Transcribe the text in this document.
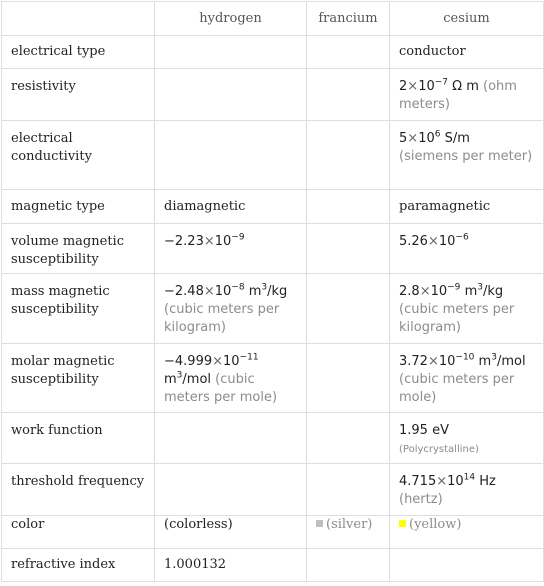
	hydrogen	francium	cesium
electrical type			conductor

resistivity			$2\times 10^{-7}$ Ω m (ohm meters)

electrical conductivity			$5\times 10^6$ S/m
(siemens per meter)

magnetic type	diamagnetic		paramagnetic

volume magnetic susceptibility	$-2.23\times 10^{-9}$		$5.26\times 10^{-6}$

mass magnetic susceptibility	$-2.48\times 10^{-8}$ $m^3/kg$ (cubic meters per kilogram)		$2.8\times 10^{-9}$ $m^3/kg$ (cubic meters per kilogram)

molar magnetic susceptibility	$-4.999\times 10^{-11}$ $m^3$/mol (cubic meters per mole)		$3.72\times 10^{-10}$ $m^3$/mol (cubic meters per mole)

work function			1.95 eV
(Polycrystalline)

threshold frequency			$4.715\times 10^{14}$ Hz
(hertz)

color	(colorless)	(silver)	(yellow)
refractive index	1.000132		
